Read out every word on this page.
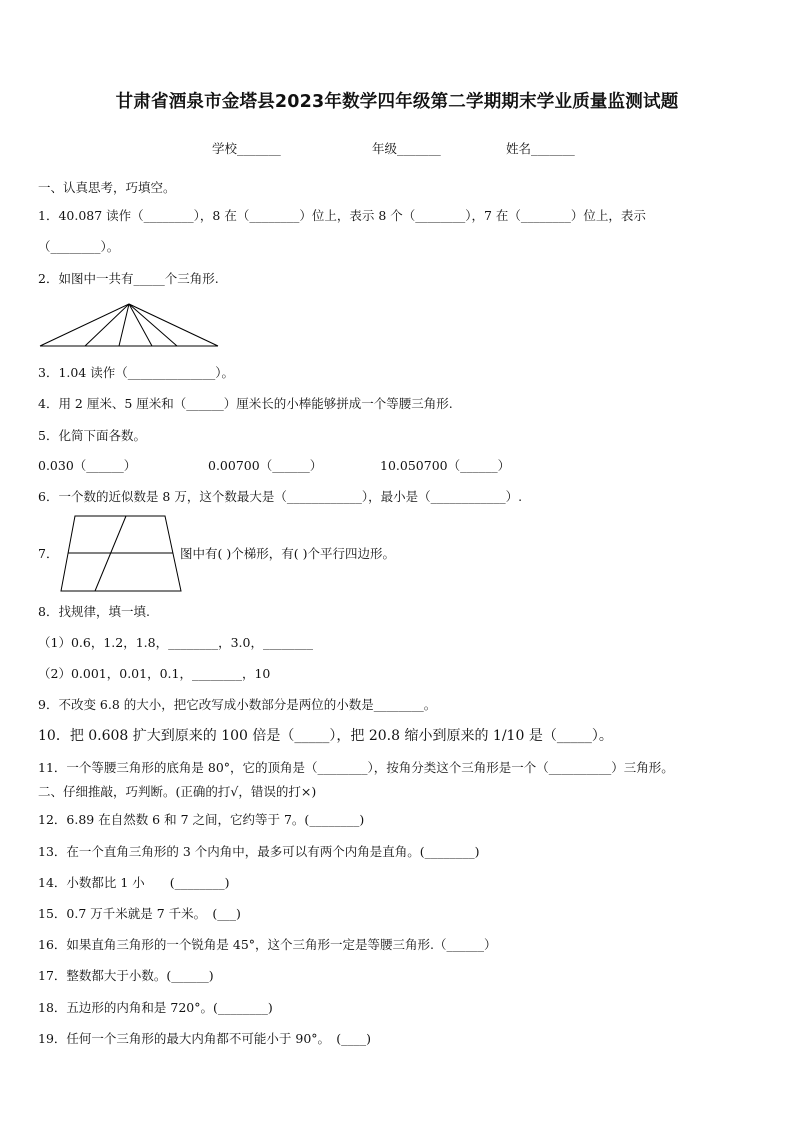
甘肃省酒泉市金塔县2023年数学四年级第二学期期末学业质量监测试题
学校_______	年级_______	姓名_______
一、认真思考，巧填空。
1．40.087 读作（________），8 在（________）位上，表示 8 个（________），7 在（________）位上，表示
（________）。
2．如图中一共有_____个三角形.
3．1.04 读作（______________）。
4．用 2 厘米、5 厘米和（______）厘米长的小棒能够拼成一个等腰三角形.
5．化简下面各数。
0.030（______）	0.00700（______）	10.050700（______）
6．一个数的近似数是 8 万，这个数最大是（____________），最小是（____________）.
7．	图中有( )个梯形，有( )个平行四边形。
8．找规律，填一填.
（1）0.6，1.2，1.8，________，3.0，________
（2）0.001，0.01，0.1，________，10
9．不改变 6.8 的大小，把它改写成小数部分是两位的小数是________。
10．把 0.608 扩大到原来的 100 倍是（_____），把 20.8 缩小到原来的 1/10 是（_____）。
11．一个等腰三角形的底角是 80°，它的顶角是（________），按角分类这个三角形是一个（__________）三角形。
二、仔细推敲，巧判断。(正确的打√，错误的打×)
12．6.89 在自然数 6 和 7 之间，它约等于 7。(________)
13．在一个直角三角形的 3 个内角中，最多可以有两个内角是直角。(________)
14．小数都比 1 小　　(________)
15．0.7 万千米就是 7 千米。　(___)
16．如果直角三角形的一个锐角是 45°，这个三角形一定是等腰三角形.（______）
17．整数都大于小数。(______)
18．五边形的内角和是 720°。(________)
19．任何一个三角形的最大内角都不可能小于 90°。　(____)
